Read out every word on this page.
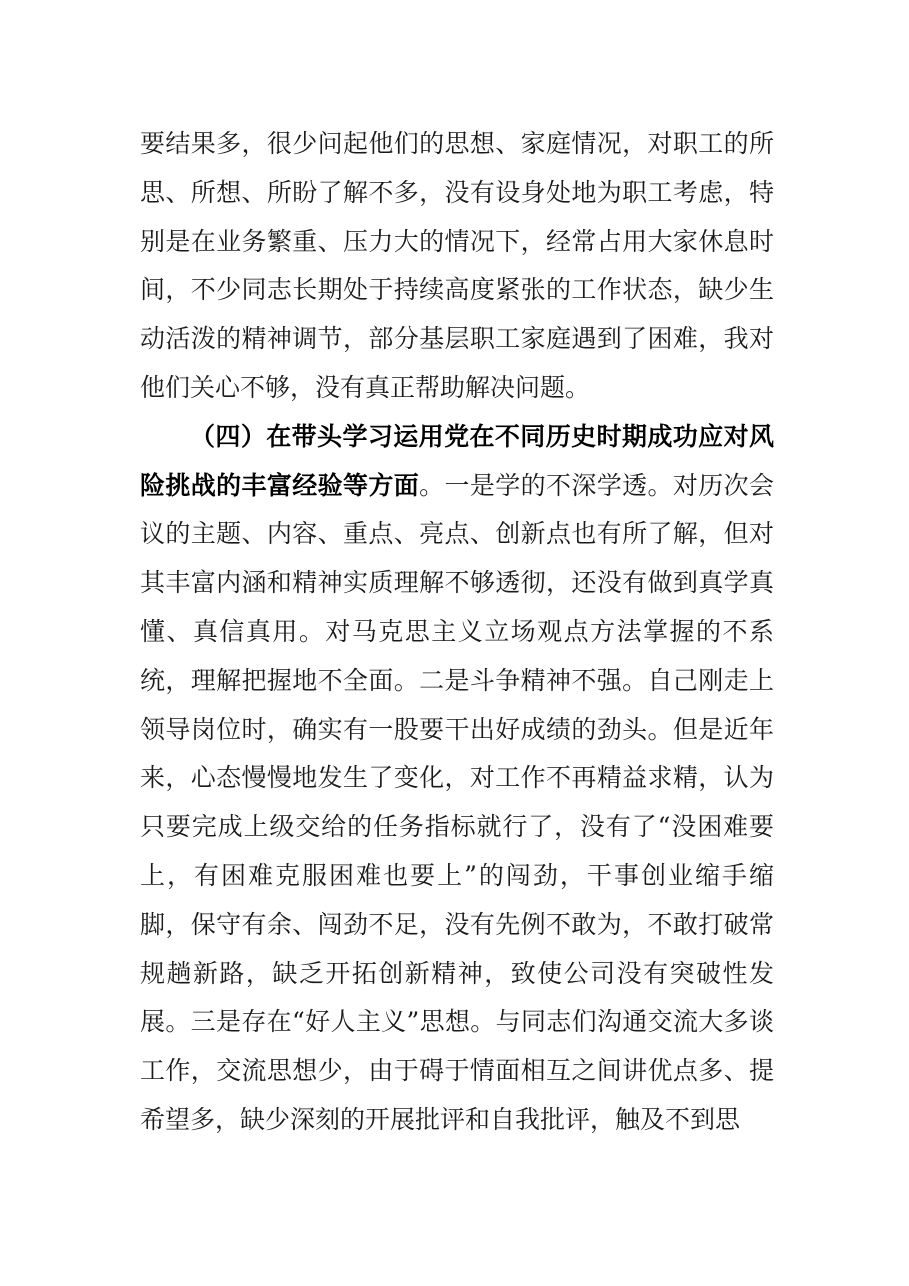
要结果多，很少问起他们的思想、家庭情况，对职工的所思、所想、所盼了解不多，没有设身处地为职工考虑，特别是在业务繁重、压力大的情况下，经常占用大家休息时间，不少同志长期处于持续高度紧张的工作状态，缺少生动活泼的精神调节，部分基层职工家庭遇到了困难，我对他们关心不够，没有真正帮助解决问题。

（四）在带头学习运用党在不同历史时期成功应对风险挑战的丰富经验等方面。一是学的不深学透。对历次会议的主题、内容、重点、亮点、创新点也有所了解，但对其丰富内涵和精神实质理解不够透彻，还没有做到真学真懂、真信真用。对马克思主义立场观点方法掌握的不系统，理解把握地不全面。二是斗争精神不强。自己刚走上领导岗位时，确实有一股要干出好成绩的劲头。但是近年来，心态慢慢地发生了变化，对工作不再精益求精，认为只要完成上级交给的任务指标就行了，没有了“没困难要上，有困难克服困难也要上”的闯劲，干事创业缩手缩脚，保守有余、闯劲不足，没有先例不敢为，不敢打破常规趟新路，缺乏开拓创新精神，致使公司没有突破性发展。三是存在“好人主义”思想。与同志们沟通交流大多谈工作，交流思想少，由于碍于情面相互之间讲优点多、提希望多，缺少深刻的开展批评和自我批评，触及不到思
